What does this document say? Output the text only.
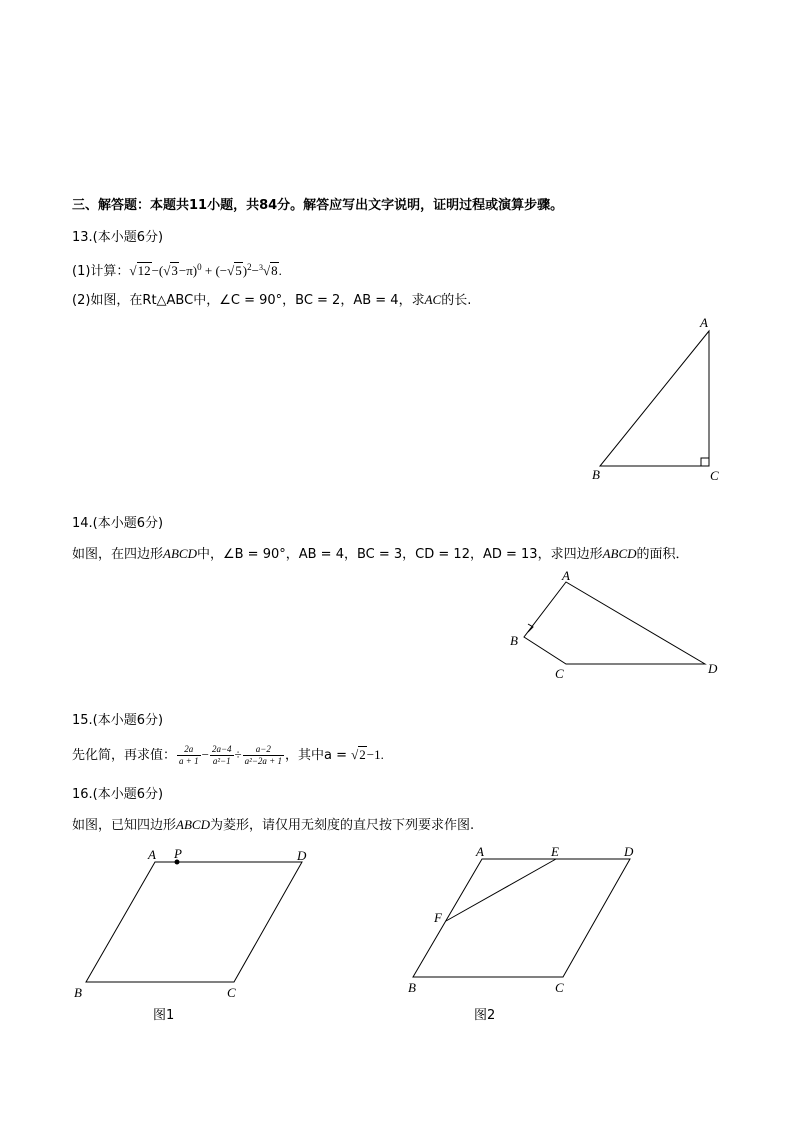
三、解答题：本题共11小题，共84分。解答应写出文字说明，证明过程或演算步骤。
13.(本小题6分)
(1)计算：$√12-(√3-\pi)^0 + (-√5)^2-^3√8$.
(2)如图，在Rt△ABC中，∠C = 90°，BC = 2，AB = 4，求AC的长.
14.(本小题6分)
如图，在四边形ABCD中，∠B = 90°，AB = 4，BC = 3，CD = 12，AD = 13，求四边形ABCD的面积．
15.(本小题6分)
先化简，再求值： $\frac{2a}{a + 1} - \frac{2a-4}{\text{a²−1}} \div \frac{a-2}{\text{a²−2a + 1}}$ ，其中a = √2−1.
16.(本小题6分)
如图，已知四边形ABCD为菱形，请仅用无刻度的直尺按下列要求作图.
A
B	C
A
B
C	D
A P	D
B	C
图1
A	E	D
F
B	C
图2
